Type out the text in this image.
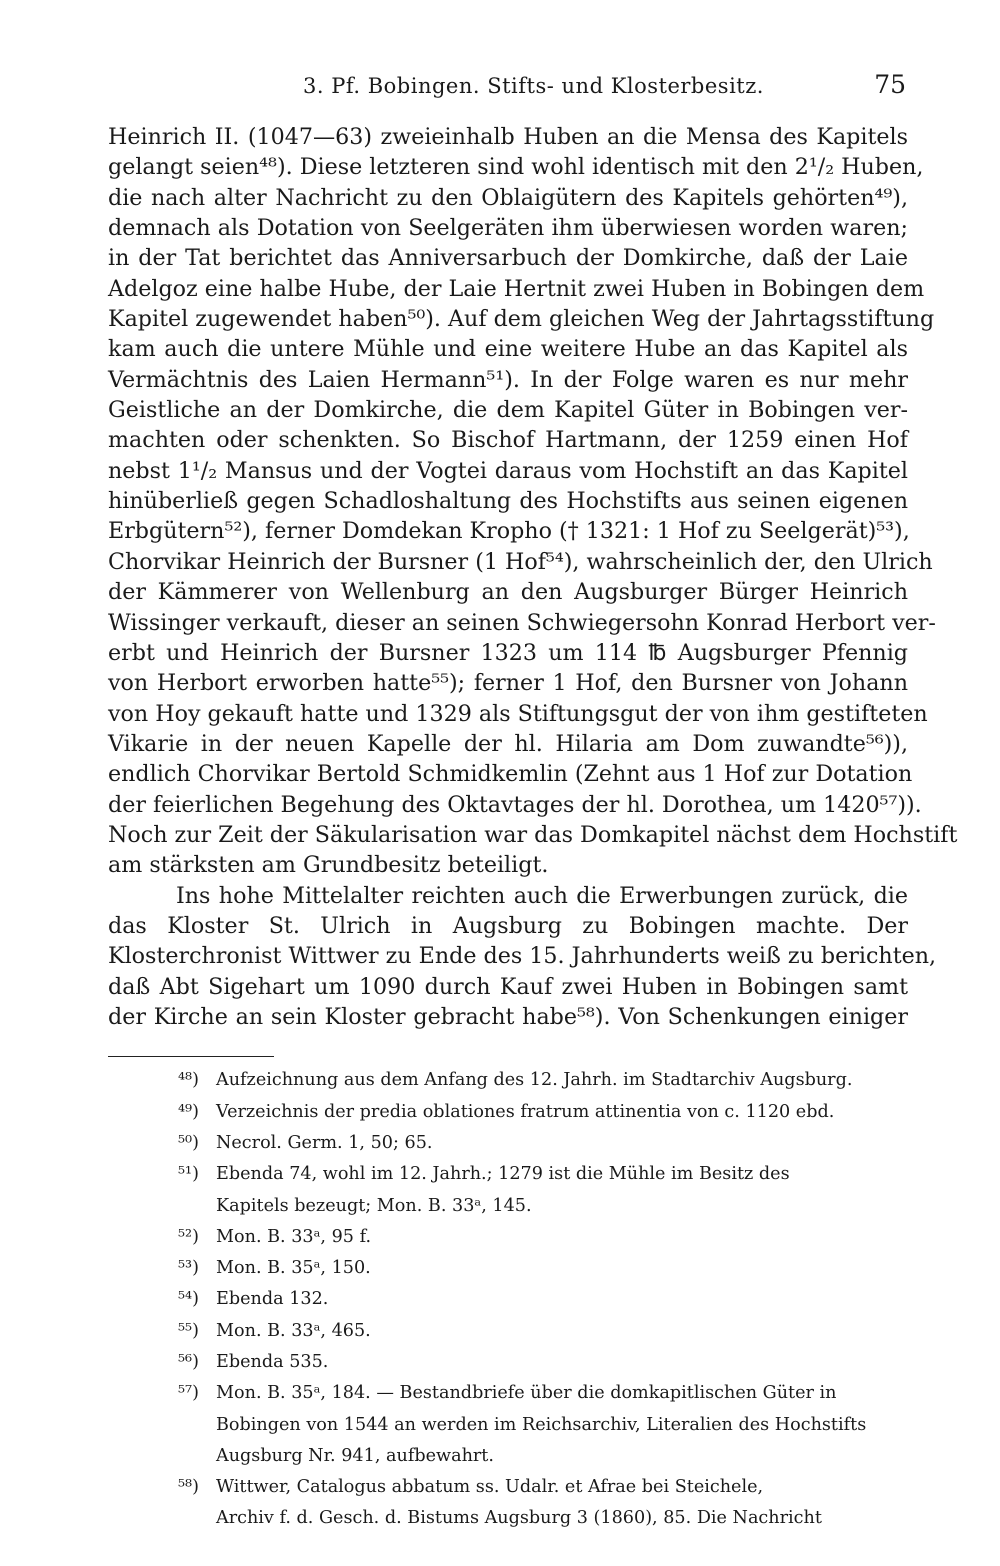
3. Pf. Bobingen. Stifts- und Klosterbesitz.	75
Heinrich II. (1047—63) zweieinhalb Huben an die Mensa des Kapitels
gelangt seien⁴⁸). Diese letzteren sind wohl identisch mit den 2¹/₂ Huben,
die nach alter Nachricht zu den Oblaigütern des Kapitels gehörten⁴⁹),
demnach als Dotation von Seelgeräten ihm überwiesen worden waren;
in der Tat berichtet das Anniversarbuch der Domkirche, daß der Laie
Adelgoz eine halbe Hube, der Laie Hertnit zwei Huben in Bobingen dem
Kapitel zugewendet haben⁵⁰). Auf dem gleichen Weg der Jahrtagsstiftung
kam auch die untere Mühle und eine weitere Hube an das Kapitel als
Vermächtnis des Laien Hermann⁵¹). In der Folge waren es nur mehr
Geistliche an der Domkirche, die dem Kapitel Güter in Bobingen ver-
machten oder schenkten. So Bischof Hartmann, der 1259 einen Hof
nebst 1¹/₂ Mansus und der Vogtei daraus vom Hochstift an das Kapitel
hinüberließ gegen Schadloshaltung des Hochstifts aus seinen eigenen
Erbgütern⁵²), ferner Domdekan Kropho († 1321: 1 Hof zu Seelgerät)⁵³),
Chorvikar Heinrich der Bursner (1 Hof⁵⁴), wahrscheinlich der, den Ulrich
der Kämmerer von Wellenburg an den Augsburger Bürger Heinrich
Wissinger verkauft, dieser an seinen Schwiegersohn Konrad Herbort ver-
erbt und Heinrich der Bursner 1323 um 114 ℔ Augsburger Pfennig
von Herbort erworben hatte⁵⁵); ferner 1 Hof, den Bursner von Johann
von Hoy gekauft hatte und 1329 als Stiftungsgut der von ihm gestifteten
Vikarie in der neuen Kapelle der hl. Hilaria am Dom zuwandte⁵⁶)),
endlich Chorvikar Bertold Schmidkemlin (Zehnt aus 1 Hof zur Dotation
der feierlichen Begehung des Oktavtages der hl. Dorothea, um 1420⁵⁷)).
Noch zur Zeit der Säkularisation war das Domkapitel nächst dem Hochstift
am stärksten am Grundbesitz beteiligt.
Ins hohe Mittelalter reichten auch die Erwerbungen zurück, die
das Kloster St. Ulrich in Augsburg zu Bobingen machte. Der
Klosterchronist Wittwer zu Ende des 15. Jahrhunderts weiß zu berichten,
daß Abt Sigehart um 1090 durch Kauf zwei Huben in Bobingen samt
der Kirche an sein Kloster gebracht habe⁵⁸). Von Schenkungen einiger
⁴⁸) Aufzeichnung aus dem Anfang des 12. Jahrh. im Stadtarchiv Augsburg.
⁴⁹) Verzeichnis der predia oblationes fratrum attinentia von c. 1120 ebd.
⁵⁰) Necrol. Germ. 1, 50; 65.
⁵¹) Ebenda 74, wohl im 12. Jahrh.; 1279 ist die Mühle im Besitz des
Kapitels bezeugt; Mon. B. 33ᵃ, 145.
⁵²) Mon. B. 33ᵃ, 95 f.
⁵³) Mon. B. 35ᵃ, 150.
⁵⁴) Ebenda 132.
⁵⁵) Mon. B. 33ᵃ, 465.
⁵⁶) Ebenda 535.
⁵⁷) Mon. B. 35ᵃ, 184. — Bestandbriefe über die domkapitlischen Güter in
Bobingen von 1544 an werden im Reichsarchiv, Literalien des Hochstifts
Augsburg Nr. 941, aufbewahrt.
⁵⁸) Wittwer, Catalogus abbatum ss. Udalr. et Afrae bei Steichele,
Archiv f. d. Gesch. d. Bistums Augsburg 3 (1860), 85. Die Nachricht
